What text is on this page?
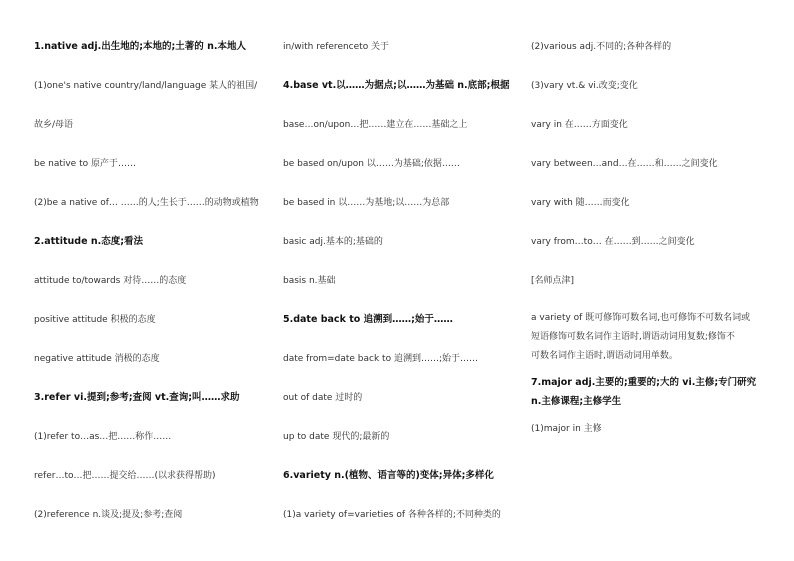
1.native adj.出生地的;本地的;土著的 n.本地人
(1)one's native country/land/language 某人的祖国/
故乡/母语
be native to 原产于……
(2)be a native of… ……的人;生长于……的动物或植物
2.attitude n.态度;看法
attitude to/towards 对待……的态度
positive attitude 积极的态度
negative attitude 消极的态度
3.refer vi.提到;参考;查阅 vt.查询;叫……求助
(1)refer to…as…把……称作……
refer…to…把……提交给……(以求获得帮助)
(2)reference n.谈及;提及;参考;查阅
in/with referenceto 关于
4.base vt.以……为据点;以……为基础 n.底部;根据
base…on/upon…把……建立在……基础之上
be based on/upon 以……为基础;依据……
be based in 以……为基地;以……为总部
basic adj.基本的;基础的
basis n.基础
5.date back to 追溯到……;始于……
date from=date back to 追溯到……;始于……
out of date 过时的
up to date 现代的;最新的
6.variety n.(植物、语言等的)变体;异体;多样化
(1)a variety of=varieties of 各种各样的;不同种类的
(2)various adj.不同的;各种各样的
(3)vary vt.& vi.改变;变化
vary in 在……方面变化
vary between…and…在……和……之间变化
vary with 随……而变化
vary from…to… 在……到……之间变化
[名师点津]
a variety of 既可修饰可数名词,也可修饰不可数名词或
短语修饰可数名词作主语时,谓语动词用复数;修饰不
可数名词作主语时,谓语动词用单数。
7.major adj.主要的;重要的;大的 vi.主修;专门研究
n.主修课程;主修学生
(1)major in 主修
